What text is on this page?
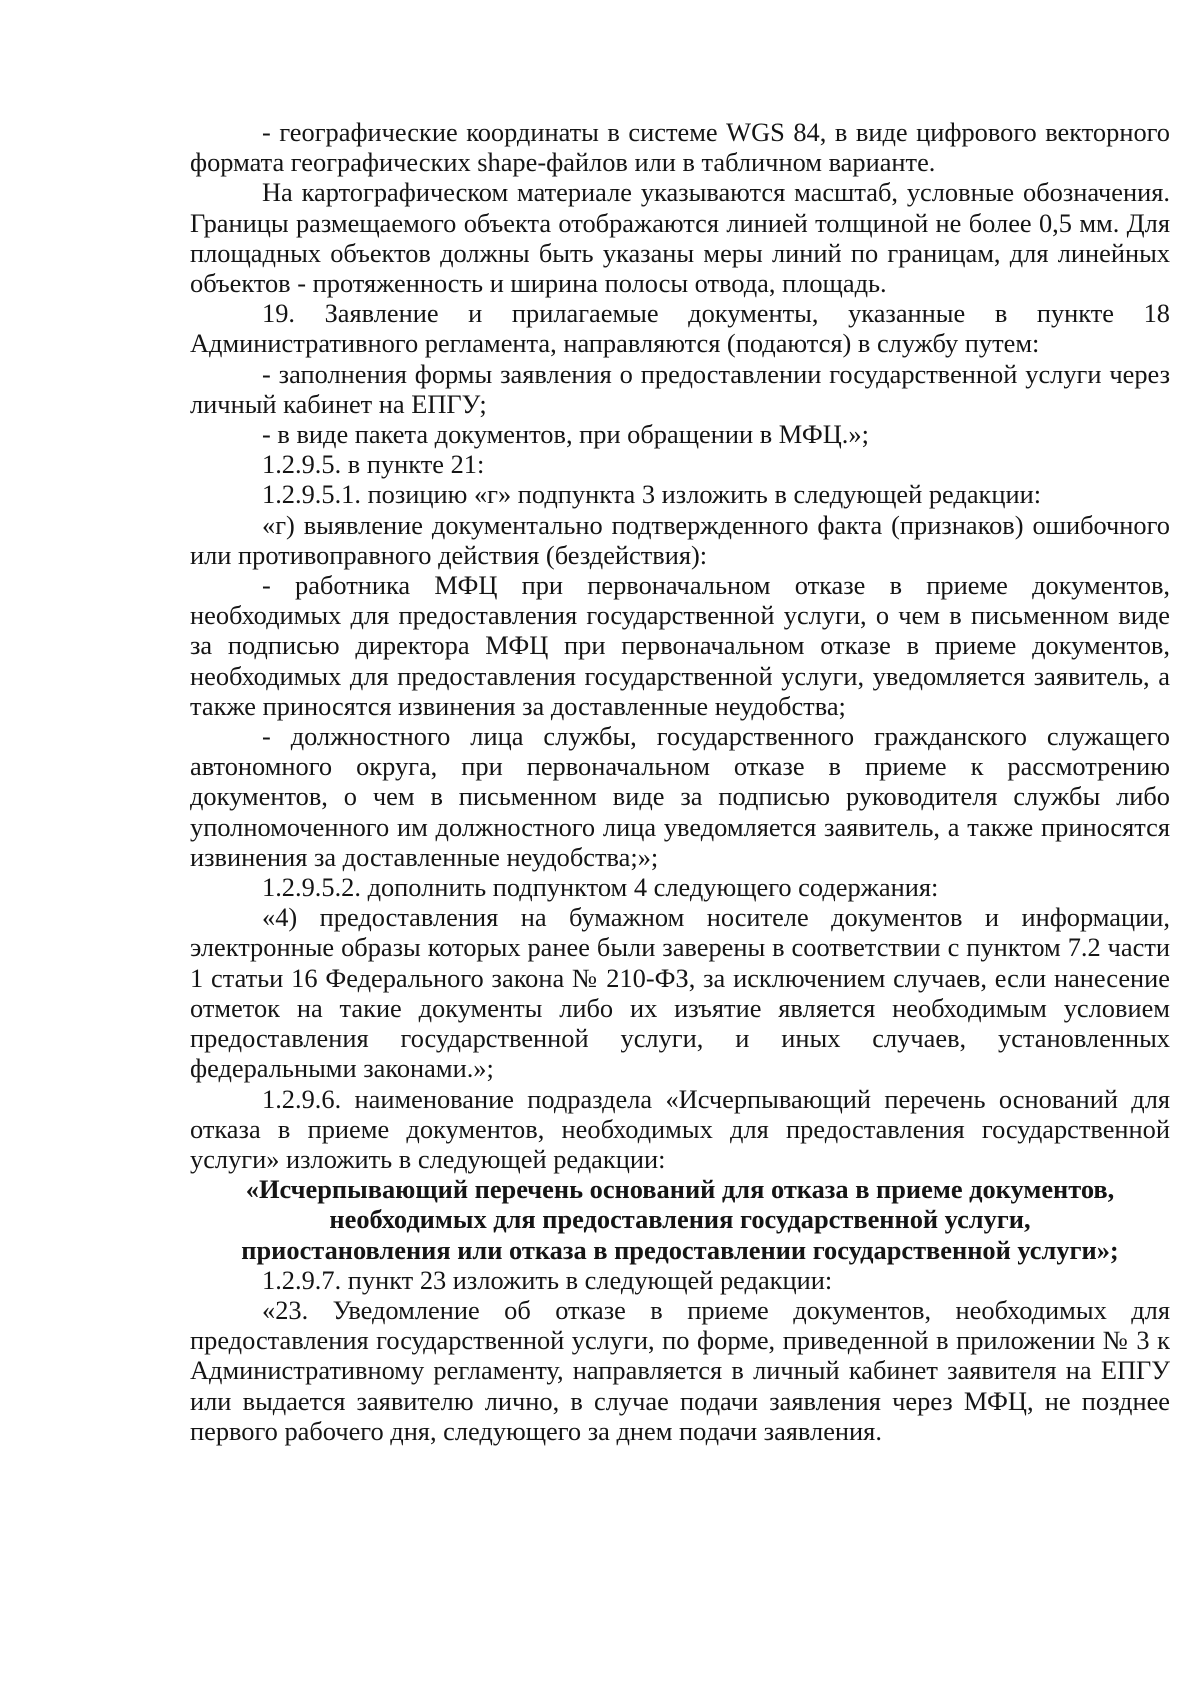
- географические координаты в системе WGS 84, в виде цифрового векторного формата географических shape-файлов или в табличном варианте.

На картографическом материале указываются масштаб, условные обозначения. Границы размещаемого объекта отображаются линией толщиной не более 0,5 мм. Для площадных объектов должны быть указаны меры линий по границам, для линейных объектов - протяженность и ширина полосы отвода, площадь.

19. Заявление и прилагаемые документы, указанные в пункте 18 Административного регламента, направляются (подаются) в службу путем:

- заполнения формы заявления о предоставлении государственной услуги через личный кабинет на ЕПГУ;

- в виде пакета документов, при обращении в МФЦ.»;

1.2.9.5. в пункте 21:

1.2.9.5.1. позицию «г» подпункта 3 изложить в следующей редакции:

«г) выявление документально подтвержденного факта (признаков) ошибочного или противоправного действия (бездействия):

- работника МФЦ при первоначальном отказе в приеме документов, необходимых для предоставления государственной услуги, о чем в письменном виде за подписью директора МФЦ при первоначальном отказе в приеме документов, необходимых для предоставления государственной услуги, уведомляется заявитель, а также приносятся извинения за доставленные неудобства;

- должностного лица службы, государственного гражданского служащего автономного округа, при первоначальном отказе в приеме к рассмотрению документов, о чем в письменном виде за подписью руководителя службы либо уполномоченного им должностного лица уведомляется заявитель, а также приносятся извинения за доставленные неудобства;»;

1.2.9.5.2. дополнить подпунктом 4 следующего содержания:

«4) предоставления на бумажном носителе документов и информации, электронные образы которых ранее были заверены в соответствии с пунктом 7.2 части 1 статьи 16 Федерального закона № 210-ФЗ, за исключением случаев, если нанесение отметок на такие документы либо их изъятие является необходимым условием предоставления государственной услуги, и иных случаев, установленных федеральными законами.»;

1.2.9.6. наименование подраздела «Исчерпывающий перечень оснований для отказа в приеме документов, необходимых для предоставления государственной услуги» изложить в следующей редакции:

«Исчерпывающий перечень оснований для отказа в приеме документов, необходимых для предоставления государственной услуги, приостановления или отказа в предоставлении государственной услуги»;

1.2.9.7. пункт 23 изложить в следующей редакции:

«23. Уведомление об отказе в приеме документов, необходимых для предоставления государственной услуги, по форме, приведенной в приложении № 3 к Административному регламенту, направляется в личный кабинет заявителя на ЕПГУ или выдается заявителю лично, в случае подачи заявления через МФЦ, не позднее первого рабочего дня, следующего за днем подачи заявления.
